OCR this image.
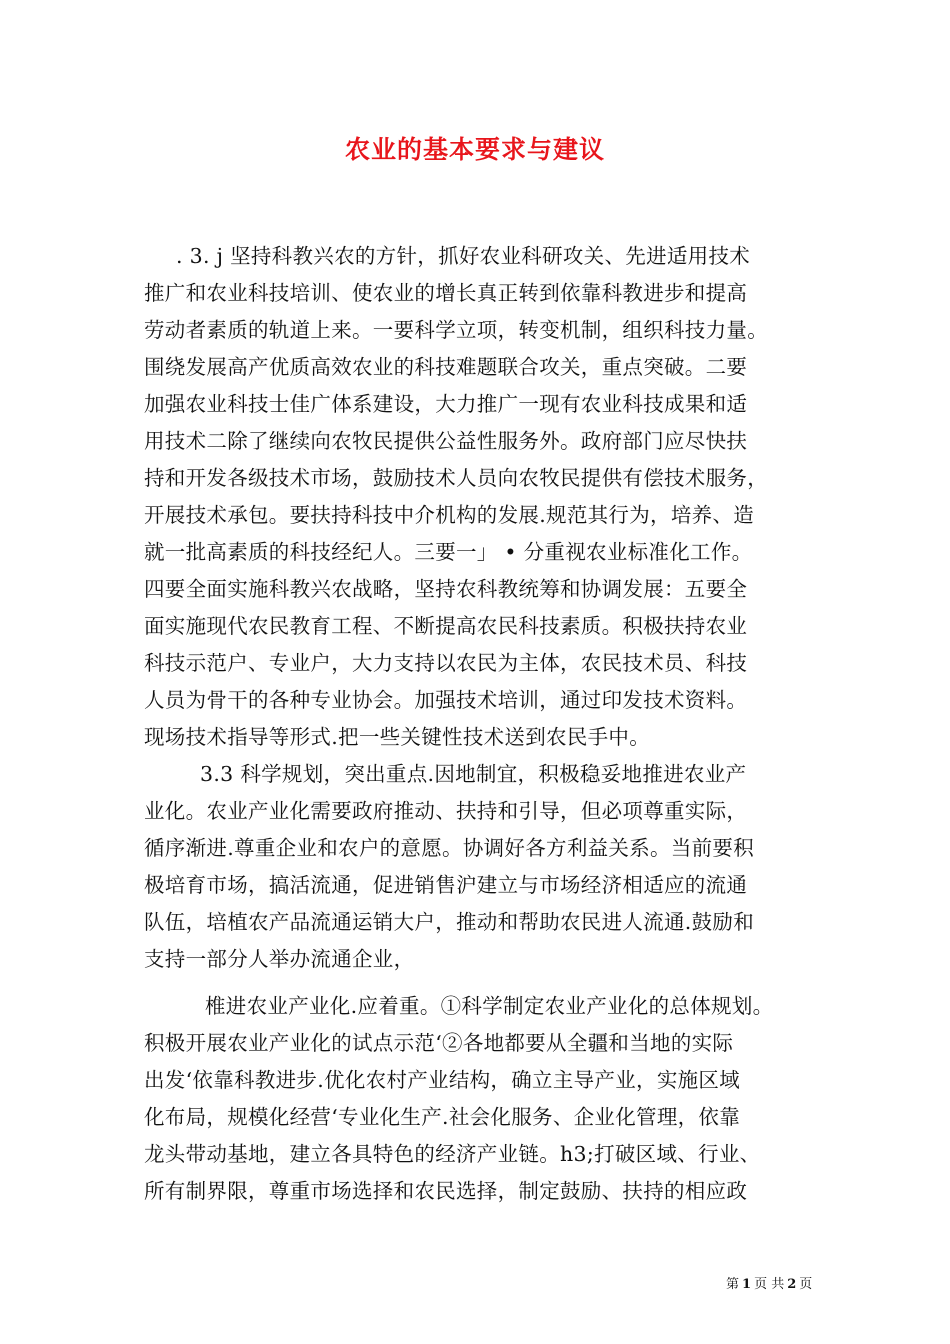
农业的基本要求与建议
. 3. j 坚持科教兴农的方针，抓好农业科研攻关、先进适用技术
推广和农业科技培训、使农业的增长真正转到依靠科教进步和提高
劳动者素质的轨道上来。一要科学立项，转变机制，组织科技力量。
围绕发展高产优质高效农业的科技难题联合攻关，重点突破。二要
加强农业科技士佳广体系建设，大力推广一现有农业科技成果和适
用技术二除了继续向农牧民提供公益性服务外。政府部门应尽快扶
持和开发各级技术市场，鼓励技术人员向农牧民提供有偿技术服务，
开展技术承包。要扶持科技中介机构的发展.规范其行为，培养、造
就一批高素质的科技经纪人。三要一」 • 分重视农业标准化工作。
四要全面实施科教兴农战略，坚持农科教统筹和协调发展：五要全
面实施现代农民教育工程、不断提高农民科技素质。积极扶持农业
科技示范户、专业户，大力支持以农民为主体，农民技术员、科技
人员为骨干的各种专业协会。加强技术培训，通过印发技术资料。
现场技术指导等形式.把一些关键性技术送到农民手中。
3.3 科学规划，突出重点.因地制宜，积极稳妥地推进农业产
业化。农业产业化需要政府推动、扶持和引导，但必项尊重实际，
循序渐进.尊重企业和农户的意愿。协调好各方利益关系。当前要积
极培育市场，搞活流通，促进销售沪建立与市场经济相适应的流通
队伍，培植农产品流通运销大户，推动和帮助农民进人流通.鼓励和
支持一部分人举办流通企业，
椎进农业产业化.应着重。①科学制定农业产业化的总体规划。
积极开展农业产业化的试点示范‘②各地都要从全疆和当地的实际
出发‘依靠科教进步.优化农村产业结构，确立主导产业，实施区域
化布局，规模化经营‘专业化生产.社会化服务、企业化管理，依靠
龙头带动基地，建立各具特色的经济产业链。h3;打破区域、行业、
所有制界限，尊重市场选择和农民选择，制定鼓励、扶持的相应政
第 1 页 共 2 页
